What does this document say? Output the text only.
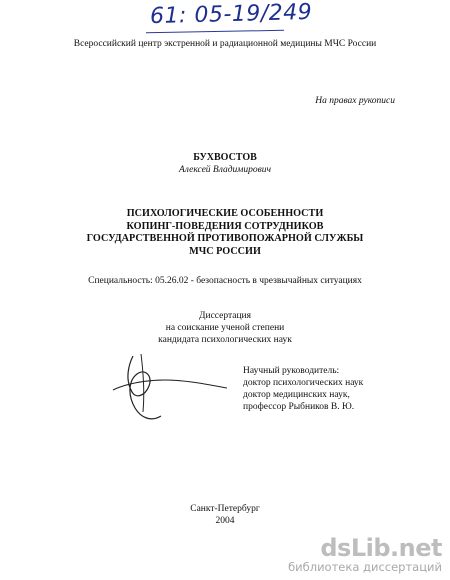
61: 05-19/249
Всероссийский центр экстренной и радиационной медицины МЧС России
На правах рукописи
БУХВОСТОВ
Алексей Владимирович
ПСИХОЛОГИЧЕСКИЕ ОСОБЕННОСТИ
КОПИНГ-ПОВЕДЕНИЯ СОТРУДНИКОВ
ГОСУДАРСТВЕННОЙ ПРОТИВОПОЖАРНОЙ СЛУЖБЫ
МЧС РОССИИ
Специальность: 05.26.02 - безопасность в чрезвычайных ситуациях
Диссертация
на соискание ученой степени
кандидата психологических наук
Научный руководитель:
доктор психологических наук
доктор медицинских наук,
профессор Рыбников В. Ю.
Санкт-Петербург
2004
dsLib.net
библиотека диссертаций
